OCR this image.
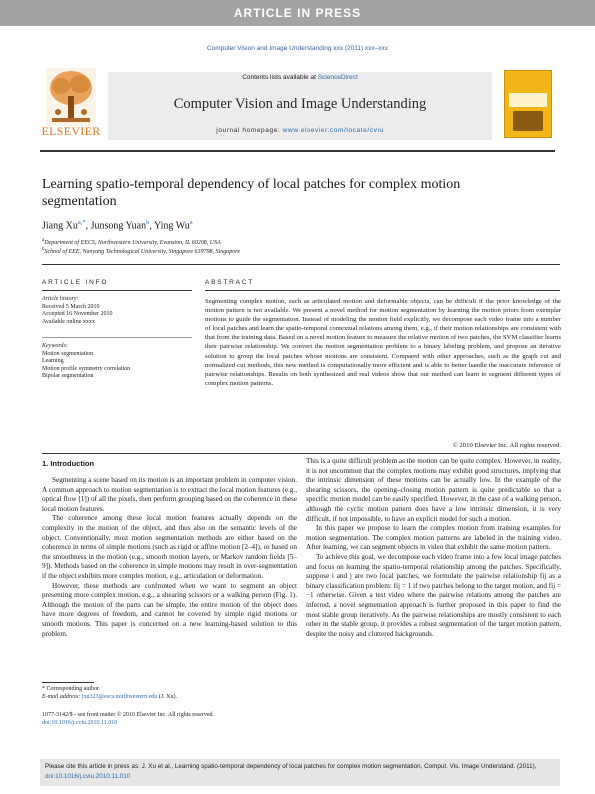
ARTICLE IN PRESS
Computer Vision and Image Understanding xxx (2011) xxx–xxx
ELSEVIER
Contents lists available at ScienceDirect
Computer Vision and Image Understanding
journal homepage: www.elsevier.com/locate/cviu
Learning spatio-temporal dependency of local patches for complex motion segmentation
Jiang $Xu^{a,*}$, Junsong Yuan$^b$, Ying Wu$^a$
$^a$Department of EECS, Northwestern University, Evanston, IL 60208, USA
$^b$School of EEE, Nanyang Technological University, Singapore 639798, Singapore
ARTICLE INFO	ABSTRACT
Article history:
Received 5 March 2010
Accepted 16 November 2010
Available online xxxx
Keywords:
Motion segmentation
Learning
Motion profile symmetry correlation
Bipolar segmentation
Segmenting complex motion, such as articulated motion and deformable objects, can be difficult if the prior knowledge of the motion pattern is not available. We present a novel method for motion segmentation by learning the motion priors from exemplar motions to guide the segmentation. Instead of modeling the motion field explicitly, we decompose each video frame into a number of local patches and learn the spatio-temporal contextual relations among them, e.g., if their motion relationships are consistent with that from the training data. Based on a novel motion feature to measure the relative motion of two patches, the SVM classifier learns their pairwise relationship. We convert the motion segmentation problem to a binary labeling problem, and propose an iterative solution to group the local patches whose motions are consistent. Compared with other approaches, such as the graph cut and normalized cut methods, this new method is computationally more efficient and is able to better handle the inaccurate inference of pairwise relationships. Results on both synthesized and real videos show that our method can learn to segment different types of complex motion patterns.
© 2010 Elsevier Inc. All rights reserved.
1. Introduction

Segmenting a scene based on its motion is an important problem in computer vision. A common approach to motion segmentation is to extract the local motion features (e.g., optical flow [1]) of all the pixels, then perform grouping based on the coherence in these local motion features.

The coherence among these local motion features actually depends on the complexity in the motion of the object, and thus also on the semantic levels of the object. Conventionally, most motion segmentation methods are either based on the coherence in terms of simple motions (such as rigid or affine motion [2–4]), or based on the smoothness in the motion (e.g., smooth motion layers, or Markov random fields [5–9]). Methods based on the coherence in simple motions may result in over-segmentation if the object exhibits more complex motion, e.g., articulation or deformation.

However, these methods are confronted when we want to segment an object presenting more complex motion, e.g., a shearing scissors or a walking person (Fig. 1). Although the motion of the parts can be simple, the entire motion of the object does have more degrees of freedom, and cannot be covered by simple rigid motions or smooth motions. This paper is concerned on a new learning-based solution to this problem.

This is a quite difficult problem as the motion can be quite complex. However, in reality, it is not uncommon that the complex motions may exhibit good structures, implying that the intrinsic dimension of these motions can be actually low. In the example of the shearing scissors, the opening–closing motion pattern is quite predictable so that a specific motion model can be easily specified. However, in the case of a walking person, although the cyclic motion pattern does have a low intrinsic dimension, it is very difficult, if not impossible, to have an explicit model for such a motion.

In this paper we propose to learn the complex motion from training examples for motion segmentation. The complex motion patterns are labeled in the training video. After learning, we can segment objects in video that exhibit the same motion pattern.

To achieve this goal, we decompose each video frame into a few local image patches and focus on learning the spatio-temporal relationship among the patches. Specifically, suppose i and j are two local patches, we formulate the pairwise relationship fij as a binary classification problem: fij = 1 if two patches belong to the target motion, and fij = −1 otherwise. Given a test video where the pairwise relations among the patches are inferred, a novel segmentation approach is further proposed in this paper to find the most stable group iteratively. As the pairwise relationships are mostly consistent to each other in the stable group, it provides a robust segmentation of the target motion pattern, despite the noisy and cluttered backgrounds.

* Corresponding author.
E-mail address: jxu323@eecs.northwestern.edu (J. Xu).
1077-3142/$ - see front matter © 2010 Elsevier Inc. All rights reserved.
doi:10.1016/j.cviu.2010.11.010
Please cite this article in press as: J. Xu et al., Learning spatio-temporal dependency of local patches for complex motion segmentation, Comput. Vis. Image Understand. (2011), doi:10.1016/j.cviu.2010.11.010
